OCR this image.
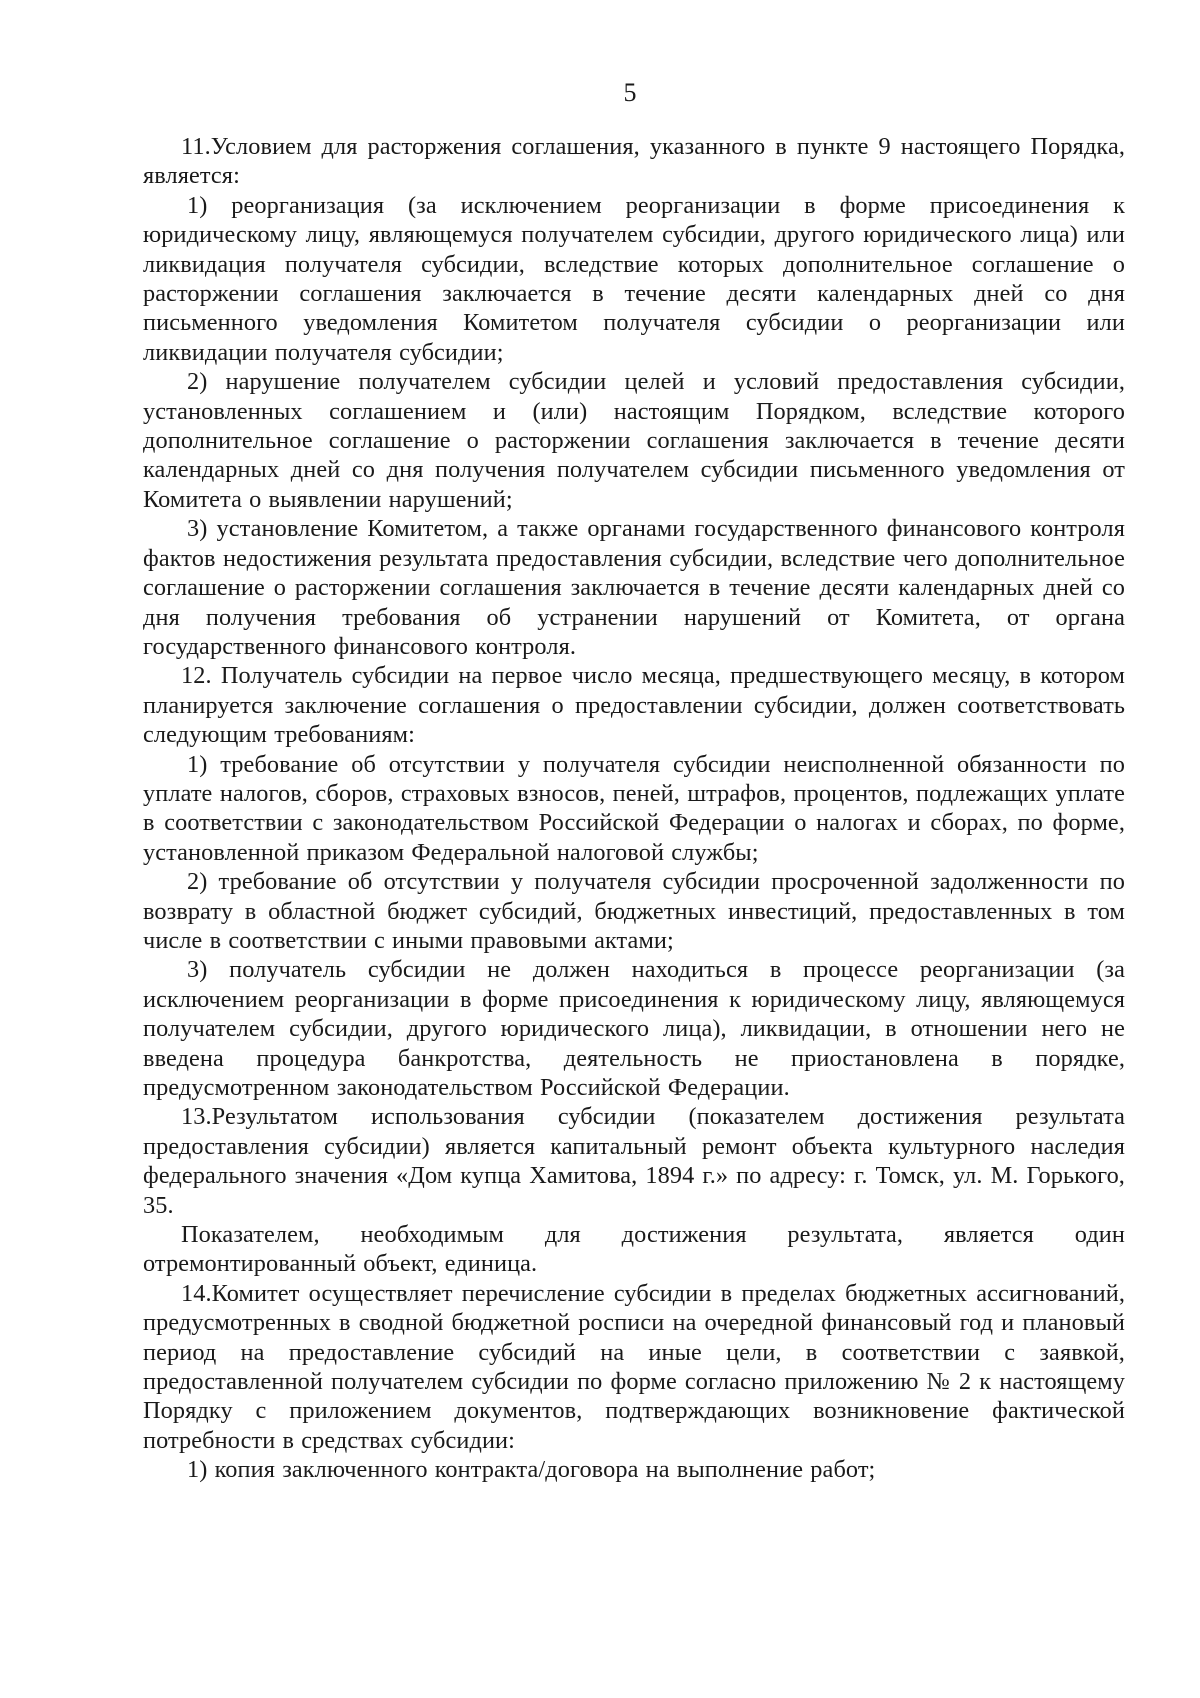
5

11.Условием для расторжения соглашения, указанного в пункте 9 настоящего Порядка, является:

1) реорганизация (за исключением реорганизации в форме присоединения к юридическому лицу, являющемуся получателем субсидии, другого юридического лица) или ликвидация получателя субсидии, вследствие которых дополнительное соглашение о расторжении соглашения заключается в течение десяти календарных дней со дня письменного уведомления Комитетом получателя субсидии о реорганизации или ликвидации получателя субсидии;

2) нарушение получателем субсидии целей и условий предоставления субсидии, установленных соглашением и (или) настоящим Порядком, вследствие которого дополнительное соглашение о расторжении соглашения заключается в течение десяти календарных дней со дня получения получателем субсидии письменного уведомления от Комитета о выявлении нарушений;

3) установление Комитетом, а также органами государственного финансового контроля фактов недостижения результата предоставления субсидии, вследствие чего дополнительное соглашение о расторжении соглашения заключается в течение десяти календарных дней со дня получения требования об устранении нарушений от Комитета, от органа государственного финансового контроля.

12. Получатель субсидии на первое число месяца, предшествующего месяцу, в котором планируется заключение соглашения о предоставлении субсидии, должен соответствовать следующим требованиям:

1) требование об отсутствии у получателя субсидии неисполненной обязанности по уплате налогов, сборов, страховых взносов, пеней, штрафов, процентов, подлежащих уплате в соответствии с законодательством Российской Федерации о налогах и сборах, по форме, установленной приказом Федеральной налоговой службы;

2) требование об отсутствии у получателя субсидии просроченной задолженности по возврату в областной бюджет субсидий, бюджетных инвестиций, предоставленных в том числе в соответствии с иными правовыми актами;

3) получатель субсидии не должен находиться в процессе реорганизации (за исключением реорганизации в форме присоединения к юридическому лицу, являющемуся получателем субсидии, другого юридического лица), ликвидации, в отношении него не введена процедура банкротства, деятельность не приостановлена в порядке, предусмотренном законодательством Российской Федерации.

13.Результатом использования субсидии (показателем достижения результата предоставления субсидии) является капитальный ремонт объекта культурного наследия федерального значения «Дом купца Хамитова, 1894 г.» по адресу: г. Томск, ул. М. Горького, 35.

Показателем, необходимым для достижения результата, является один отремонтированный объект, единица.

14.Комитет осуществляет перечисление субсидии в пределах бюджетных ассигнований, предусмотренных в сводной бюджетной росписи на очередной финансовый год и плановый период на предоставление субсидий на иные цели, в соответствии с заявкой, предоставленной получателем субсидии по форме согласно приложению № 2 к настоящему Порядку с приложением документов, подтверждающих возникновение фактической потребности в средствах субсидии:

1) копия заключенного контракта/договора на выполнение работ;
